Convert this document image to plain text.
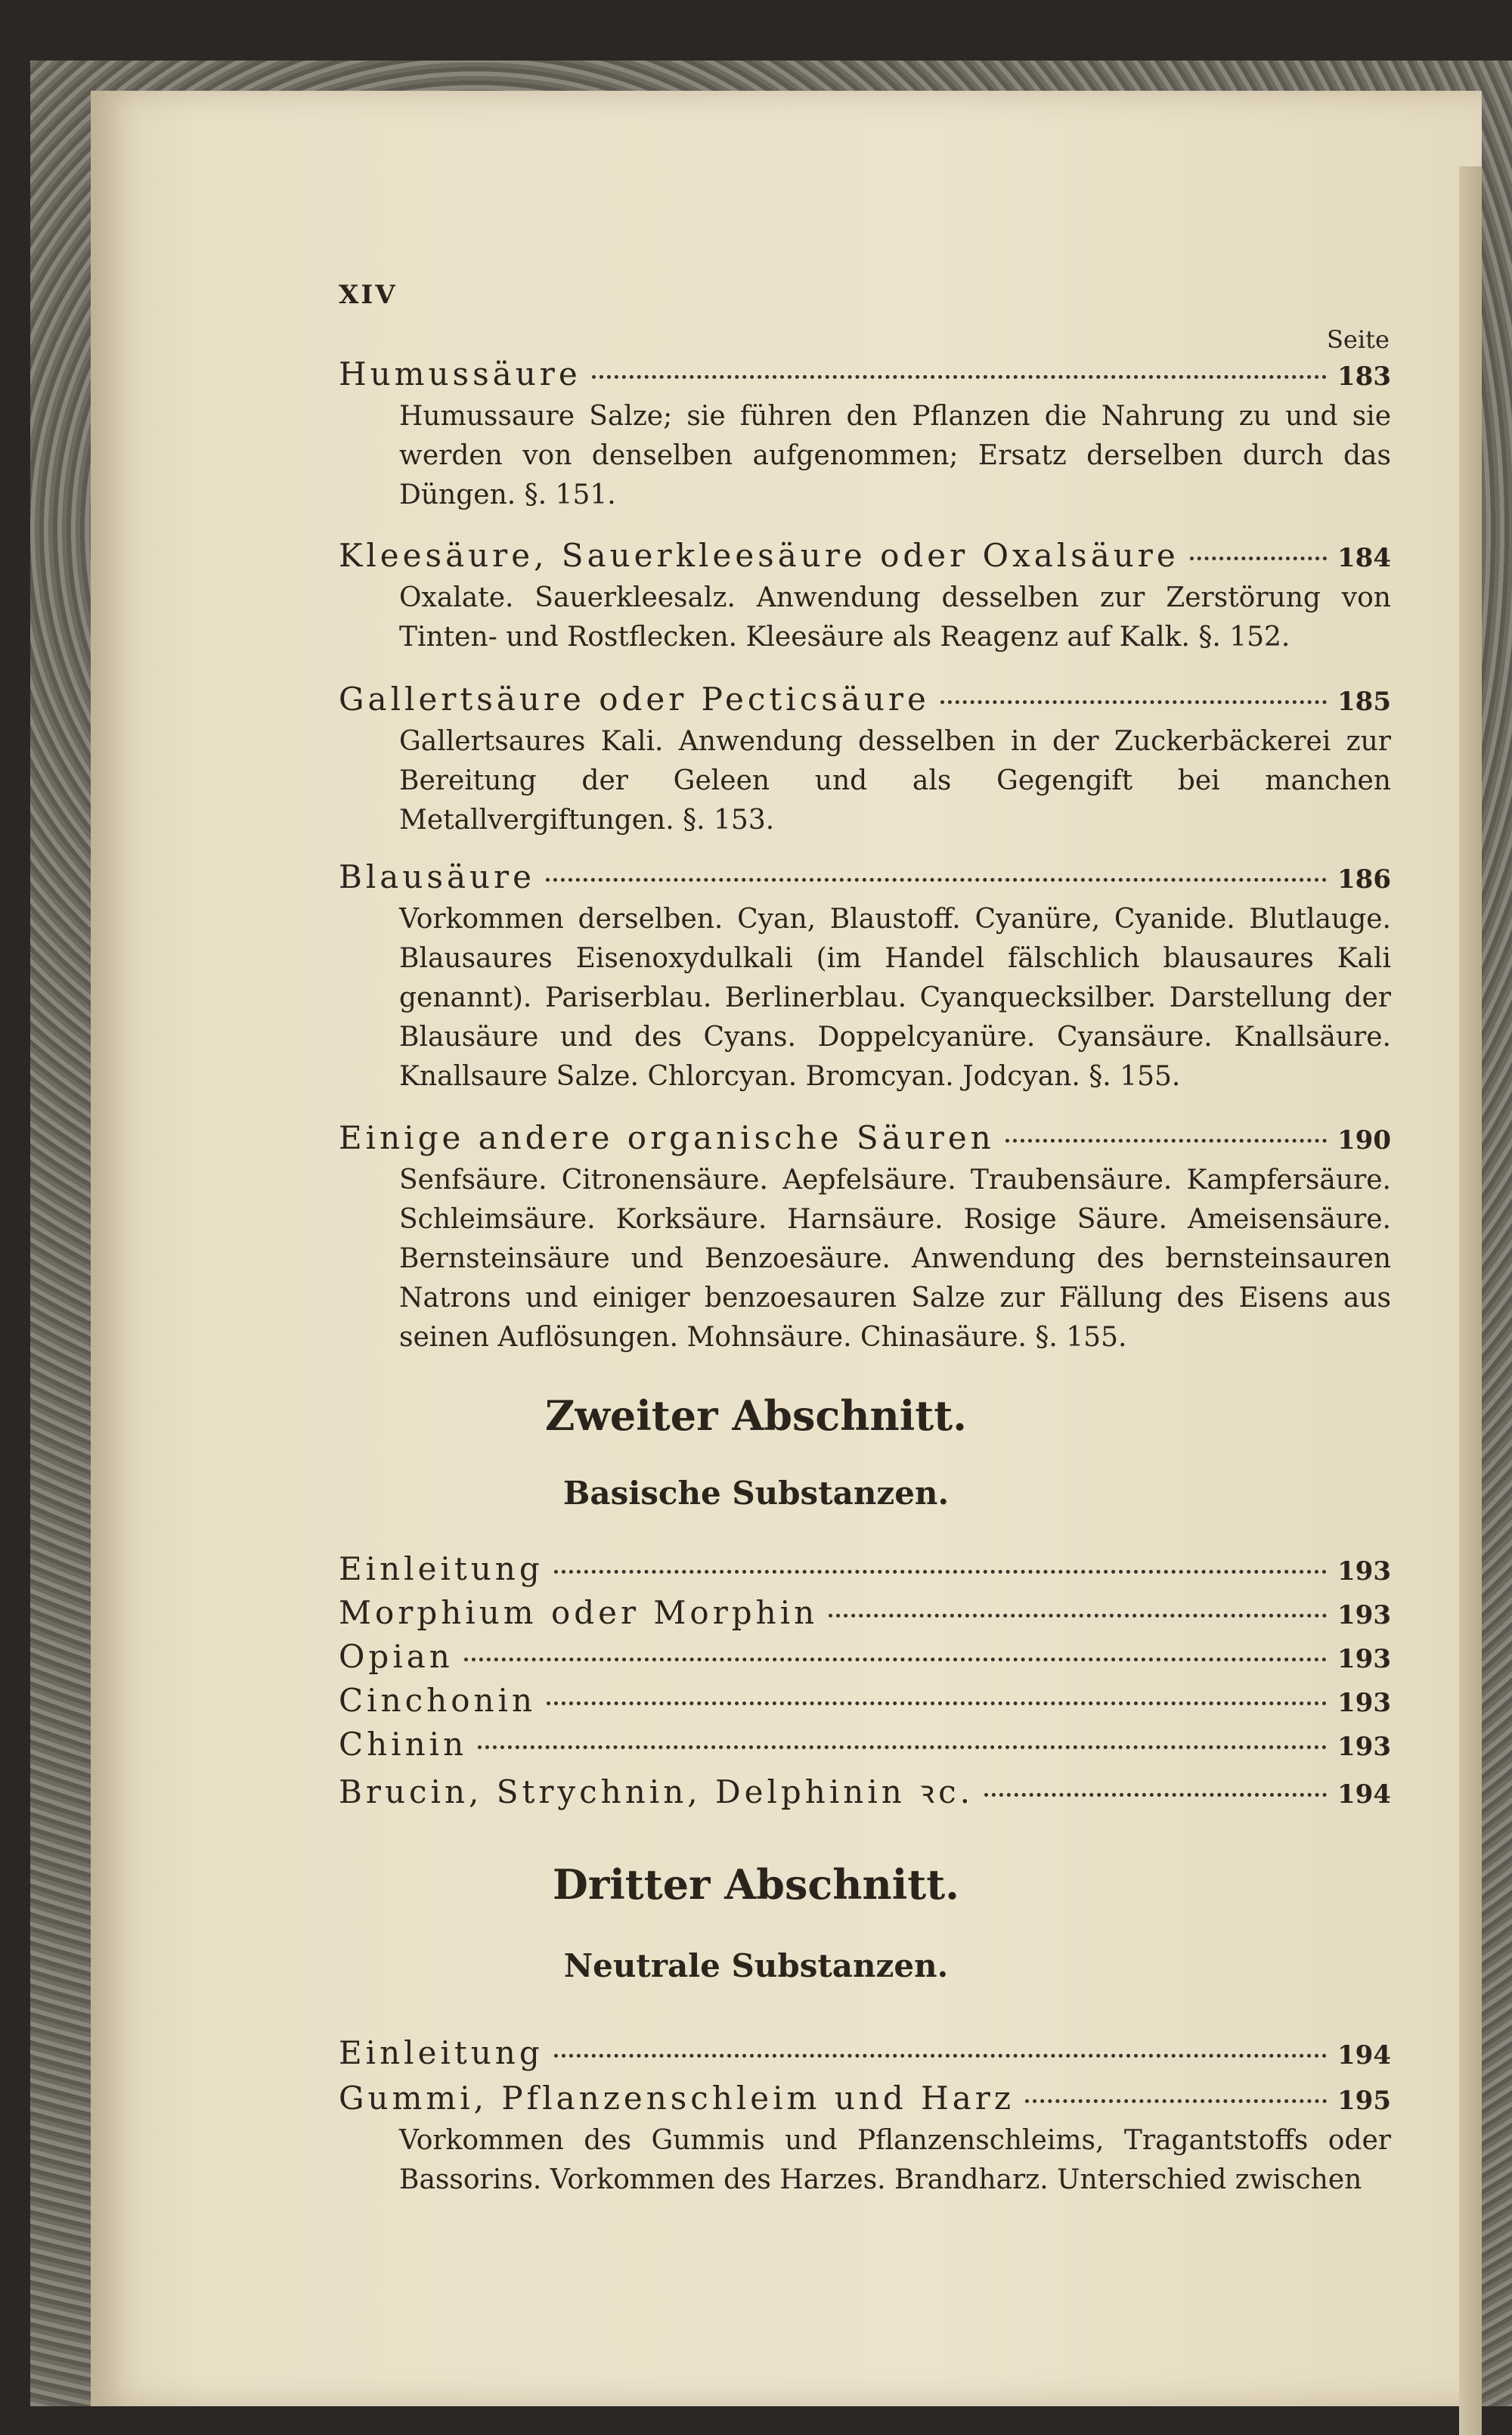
XIV
Seite
Humussäure	183
Humussaure Salze; sie führen den Pflanzen die Nahrung zu und sie werden von denselben aufgenommen; Ersatz derselben durch das Düngen. §. 151.
Kleesäure, Sauerkleesäure oder Oxalsäure	184
Oxalate. Sauerkleesalz. Anwendung desselben zur Zerstörung von Tinten- und Rostflecken. Kleesäure als Reagenz auf Kalk. §. 152.
Gallertsäure oder Pecticsäure	185
Gallertsaures Kali. Anwendung desselben in der Zuckerbäckerei zur Bereitung der Geleen und als Gegengift bei manchen Metallvergiftungen. §. 153.
Blausäure	186
Vorkommen derselben. Cyan, Blaustoff. Cyanüre, Cyanide. Blutlauge. Blausaures Eisenoxydulkali (im Handel fälschlich blausaures Kali genannt). Pariserblau. Berlinerblau. Cyanquecksilber. Darstellung der Blausäure und des Cyans. Doppelcyanüre. Cyansäure. Knallsäure. Knallsaure Salze. Chlorcyan. Bromcyan. Jodcyan. §. 155.
Einige andere organische Säuren	190
Senfsäure. Citronensäure. Aepfelsäure. Traubensäure. Kampfersäure. Schleimsäure. Korksäure. Harnsäure. Rosige Säure. Ameisensäure. Bernsteinsäure und Benzoesäure. Anwendung des bernsteinsauren Natrons und einiger benzoesauren Salze zur Fällung des Eisens aus seinen Auflösungen. Mohnsäure. Chinasäure. §. 155.
Zweiter Abschnitt.
Basische Substanzen.
Einleitung	193
Morphium oder Morphin	193
Opian	193
Cinchonin	193
Chinin	193
Brucin, Strychnin, Delphinin ꝛc.	194
Dritter Abschnitt.
Neutrale Substanzen.
Einleitung	194
Gummi, Pflanzenschleim und Harz	195
Vorkommen des Gummis und Pflanzenschleims, Tragantstoffs oder Bassorins. Vorkommen des Harzes. Brandharz. Unterschied zwischen
